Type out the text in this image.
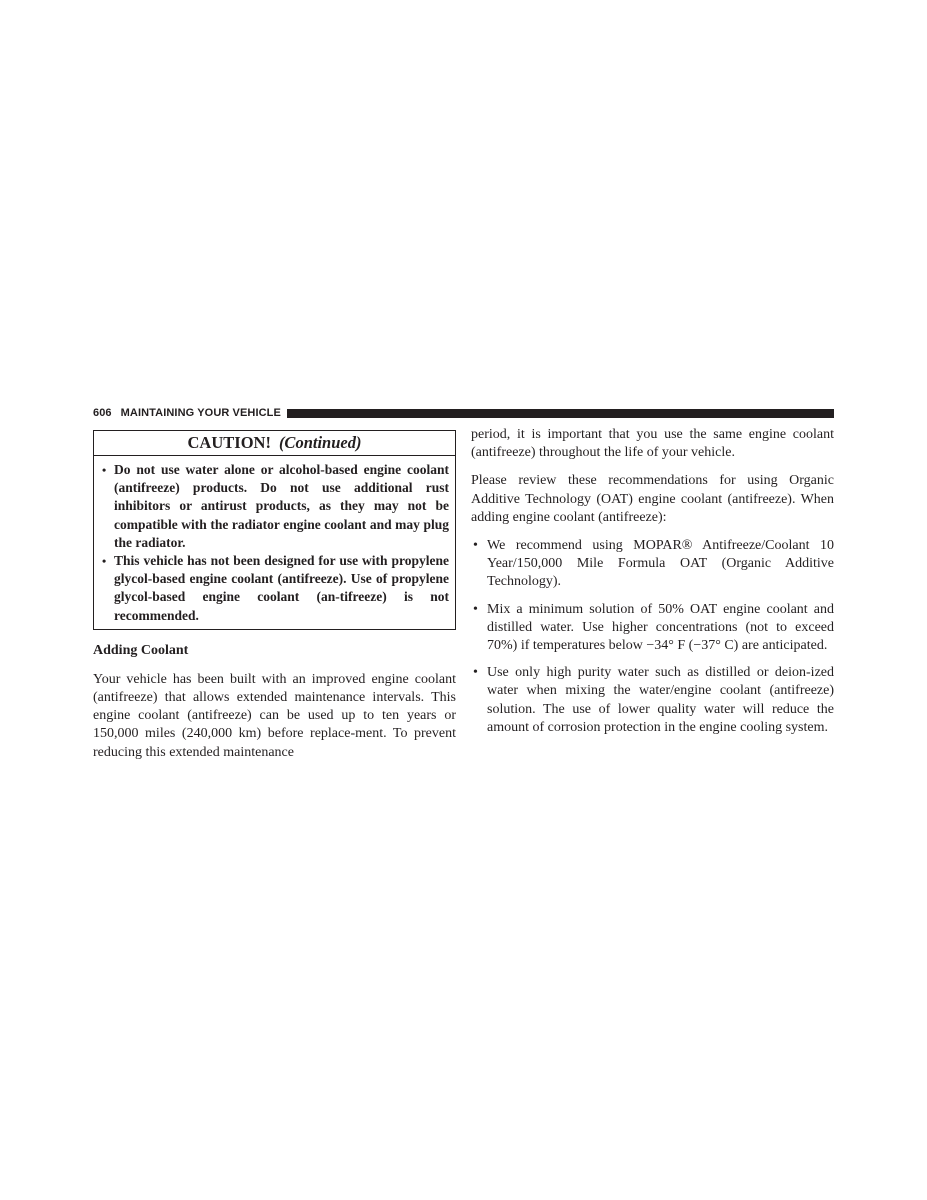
606 MAINTAINING YOUR VEHICLE
CAUTION! (Continued)
• Do not use water alone or alcohol-based engine coolant (antifreeze) products. Do not use additional rust inhibitors or antirust products, as they may not be compatible with the radiator engine coolant and may plug the radiator.
• This vehicle has not been designed for use with propylene glycol-based engine coolant (antifreeze). Use of propylene glycol-based engine coolant (an-tifreeze) is not recommended.
Adding Coolant

Your vehicle has been built with an improved engine coolant (antifreeze) that allows extended maintenance intervals. This engine coolant (antifreeze) can be used up to ten years or 150,000 miles (240,000 km) before replace-ment. To prevent reducing this extended maintenance

period, it is important that you use the same engine coolant (antifreeze) throughout the life of your vehicle.

Please review these recommendations for using Organic Additive Technology (OAT) engine coolant (antifreeze). When adding engine coolant (antifreeze):

• We recommend using MOPAR® Antifreeze/Coolant 10 Year/150,000 Mile Formula OAT (Organic Additive Technology).
• Mix a minimum solution of 50% OAT engine coolant and distilled water. Use higher concentrations (not to exceed 70%) if temperatures below −34° F (−37° C) are anticipated.
• Use only high purity water such as distilled or deion-ized water when mixing the water/engine coolant (antifreeze) solution. The use of lower quality water will reduce the amount of corrosion protection in the engine cooling system.
